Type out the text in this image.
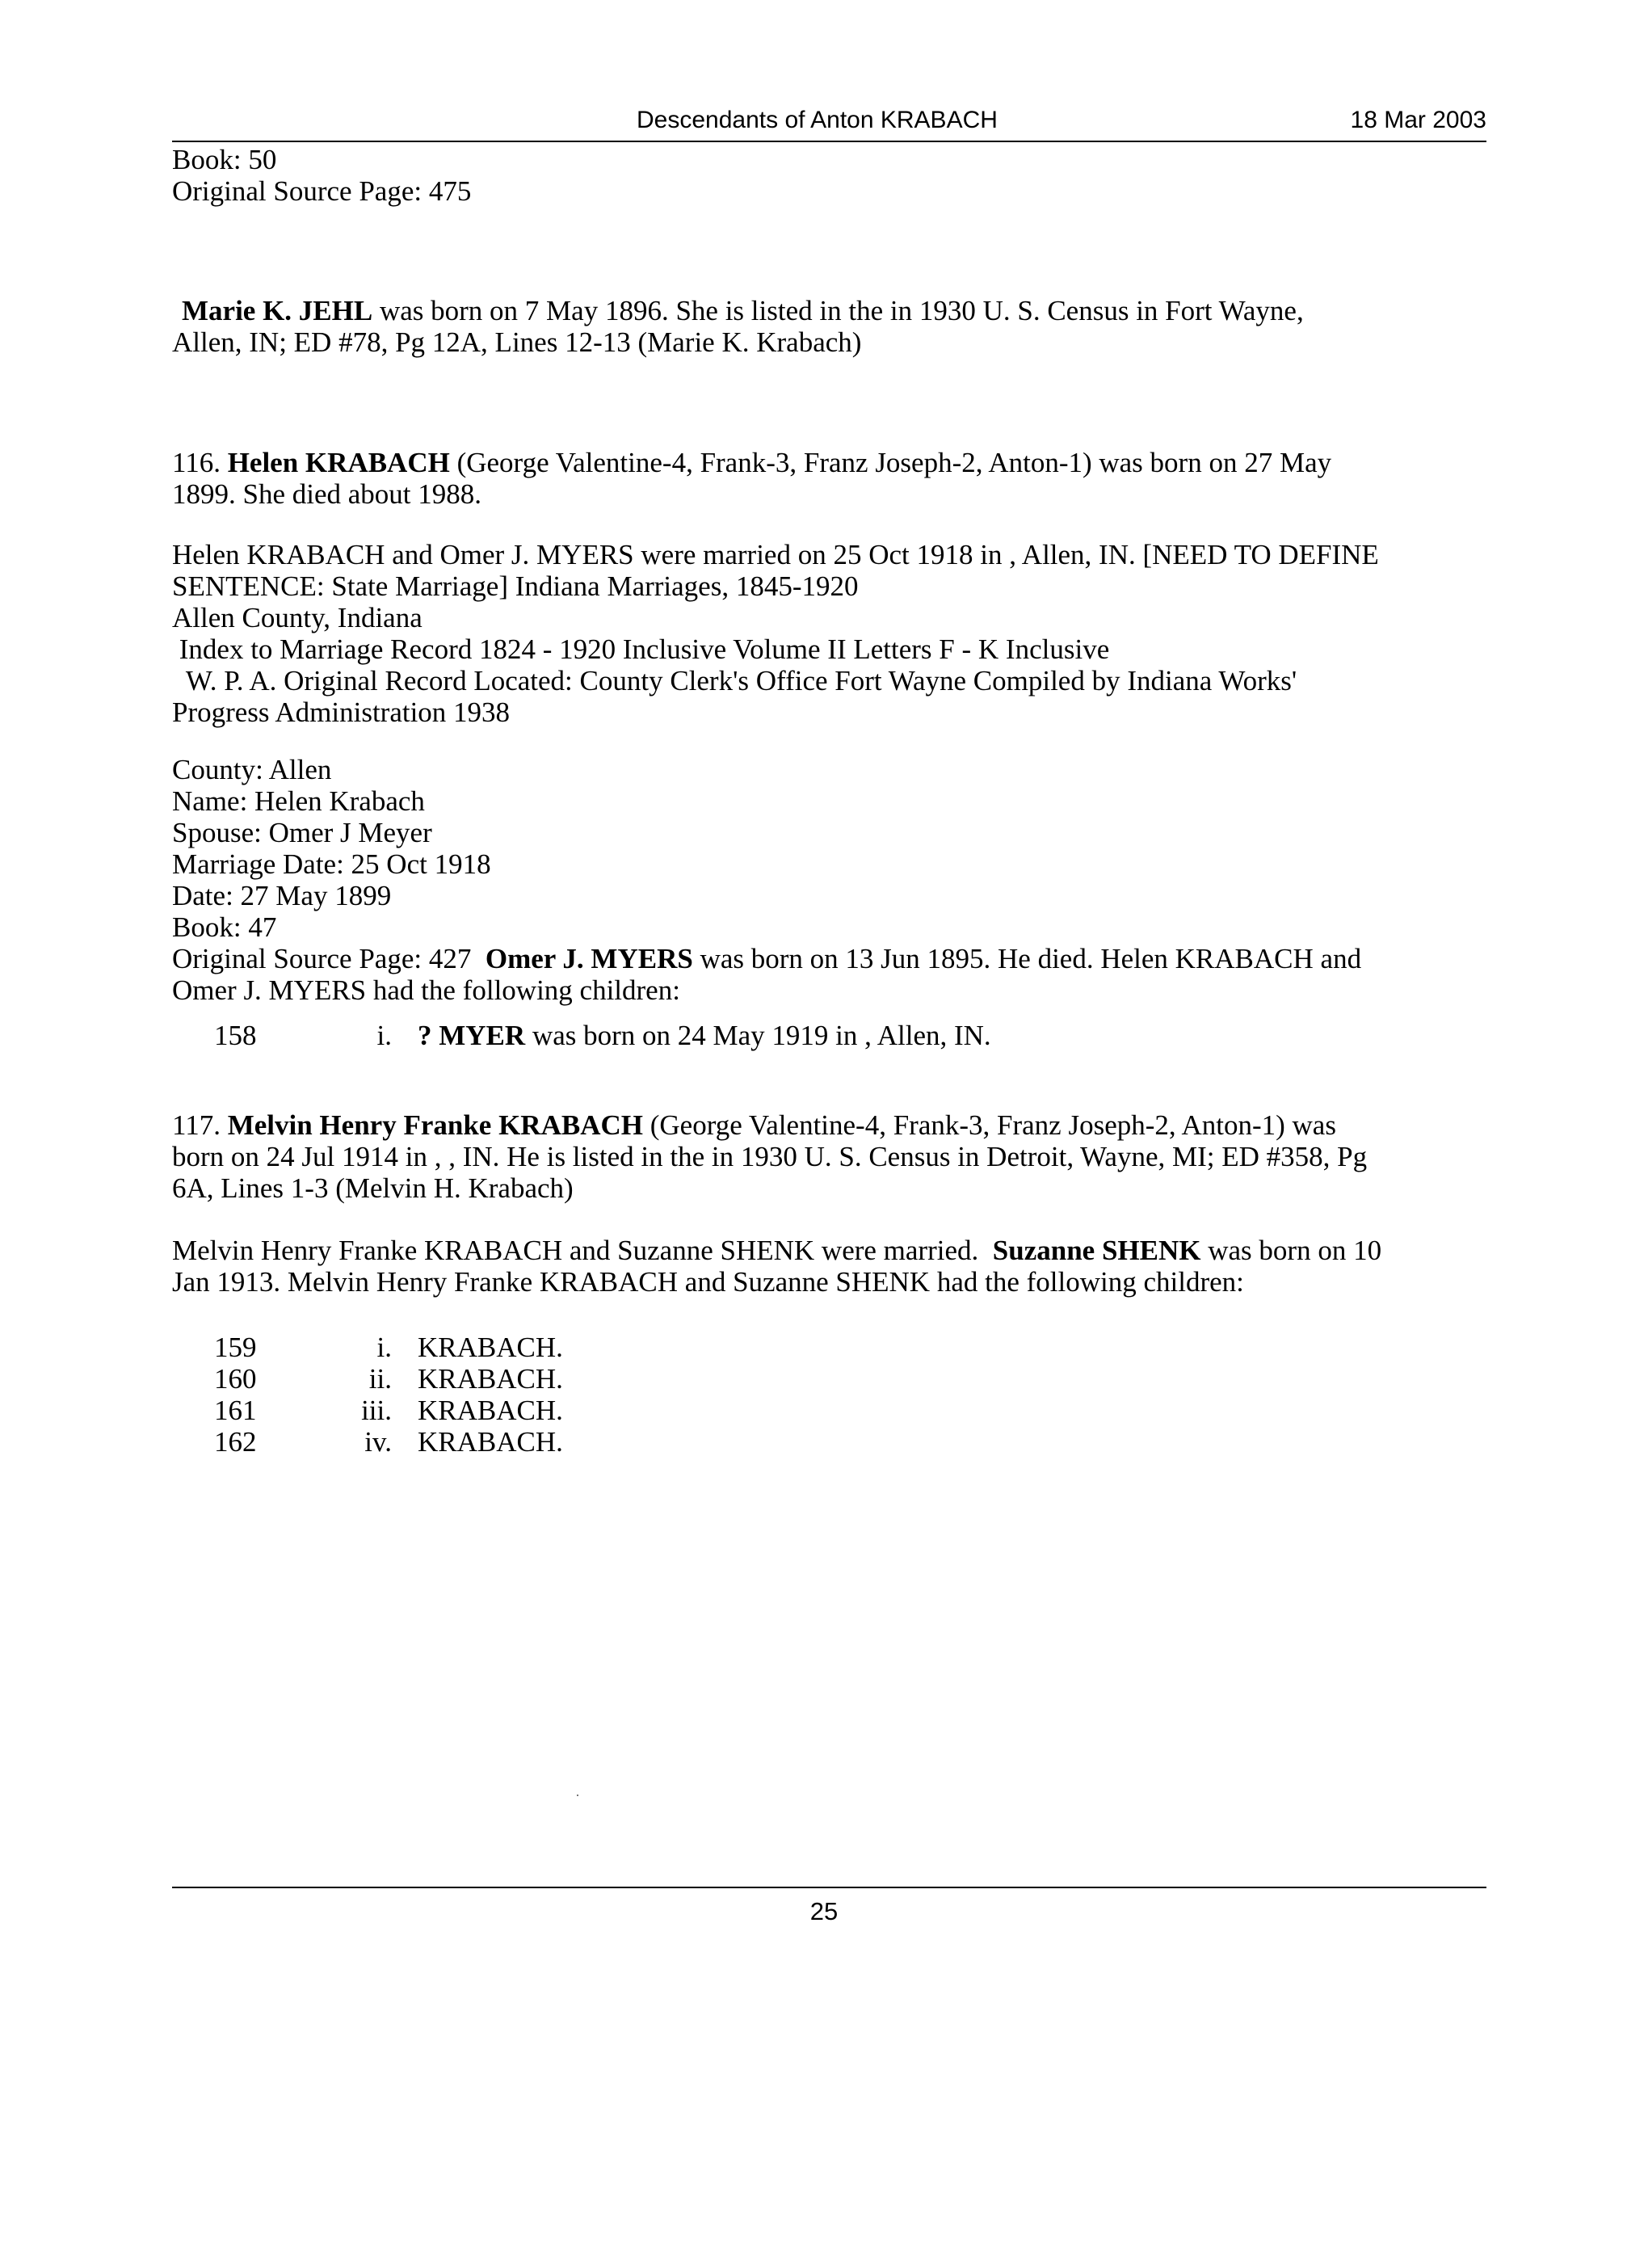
Descendants of Anton KRABACH	18 Mar 2003
Book: 50
Original Source Page: 475
Marie K. JEHL was born on 7 May 1896. She is listed in the in 1930 U. S. Census in Fort Wayne,
Allen, IN; ED #78, Pg 12A, Lines 12-13 (Marie K. Krabach)
116. Helen KRABACH (George Valentine-4, Frank-3, Franz Joseph-2, Anton-1) was born on 27 May
1899. She died about 1988.
Helen KRABACH and Omer J. MYERS were married on 25 Oct 1918 in , Allen, IN. [NEED TO DEFINE
SENTENCE: State Marriage] Indiana Marriages, 1845-1920
Allen County, Indiana
Index to Marriage Record 1824 - 1920 Inclusive Volume II Letters F - K Inclusive
W. P. A. Original Record Located: County Clerk's Office Fort Wayne Compiled by Indiana Works'
Progress Administration 1938
County: Allen
Name: Helen Krabach
Spouse: Omer J Meyer
Marriage Date: 25 Oct 1918
Date: 27 May 1899
Book: 47
Original Source Page: 427  Omer J. MYERS was born on 13 Jun 1895. He died. Helen KRABACH and
Omer J. MYERS had the following children:
158	i. ? MYER was born on 24 May 1919 in , Allen, IN.
117. Melvin Henry Franke KRABACH (George Valentine-4, Frank-3, Franz Joseph-2, Anton-1) was
born on 24 Jul 1914 in , , IN. He is listed in the in 1930 U. S. Census in Detroit, Wayne, MI; ED #358, Pg
6A, Lines 1-3 (Melvin H. Krabach)
Melvin Henry Franke KRABACH and Suzanne SHENK were married.  Suzanne SHENK was born on 10
Jan 1913. Melvin Henry Franke KRABACH and Suzanne SHENK had the following children:
159	i. KRABACH.
160	ii. KRABACH.
161	iii. KRABACH.
162	iv. KRABACH.
25
